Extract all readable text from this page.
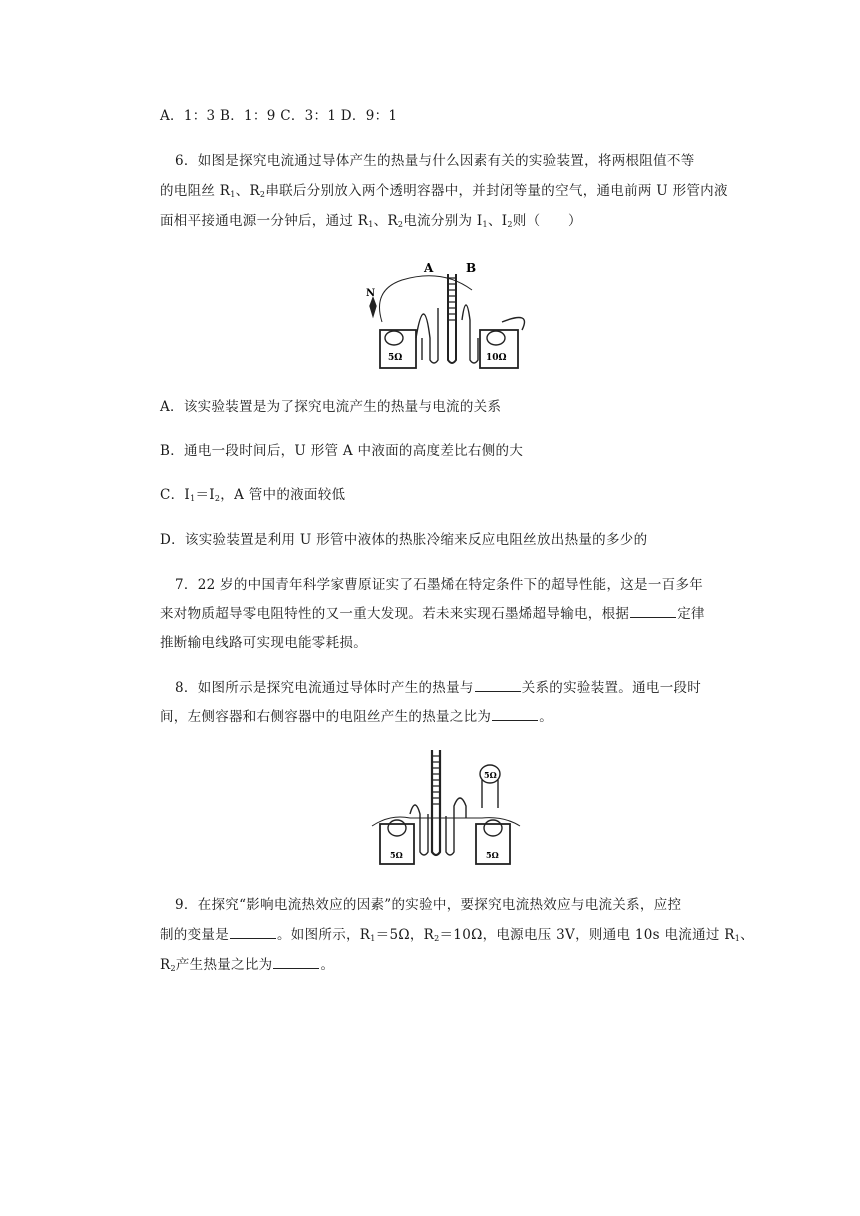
A．1：3 B．1：9 C．3：1 D．9：1
6．如图是探究电流通过导体产生的热量与什么因素有关的实验装置，将两根阻值不等
的电阻丝 $R_1$、$R_2$串联后分别放入两个透明容器中，并封闭等量的空气，通电前两 U 形管内液
面相平接通电源一分钟后，通过 $R_1$、$R_2$电流分别为 $I_1$、$I_2$则（　　）
A	B
N
5Ω	10Ω
A．该实验装置是为了探究电流产生的热量与电流的关系
B．通电一段时间后，U 形管 A 中液面的高度差比右侧的大
C．$I_1=I_2$，A 管中的液面较低
D．该实验装置是利用 U 形管中液体的热胀冷缩来反应电阻丝放出热量的多少的
7．22 岁的中国青年科学家曹原证实了石墨烯在特定条件下的超导性能，这是一百多年
来对物质超导零电阻特性的又一重大发现。若未来实现石墨烯超导输电，根据	定律
推断输电线路可实现电能零耗损。
8．如图所示是探究电流通过导体时产生的热量与	关系的实验装置。通电一段时
间，左侧容器和右侧容器中的电阻丝产生的热量之比为	。
5Ω
5Ω	5Ω
9．在探究“影响电流热效应的因素”的实验中，要探究电流热效应与电流关系，应控
制的变量是	。如图所示，$R_1=5\Omega$，$R_2=10\Omega$，电源电压 3V，则通电 10s 电流通过 $R_1$、
$R_2$产生热量之比为	。
